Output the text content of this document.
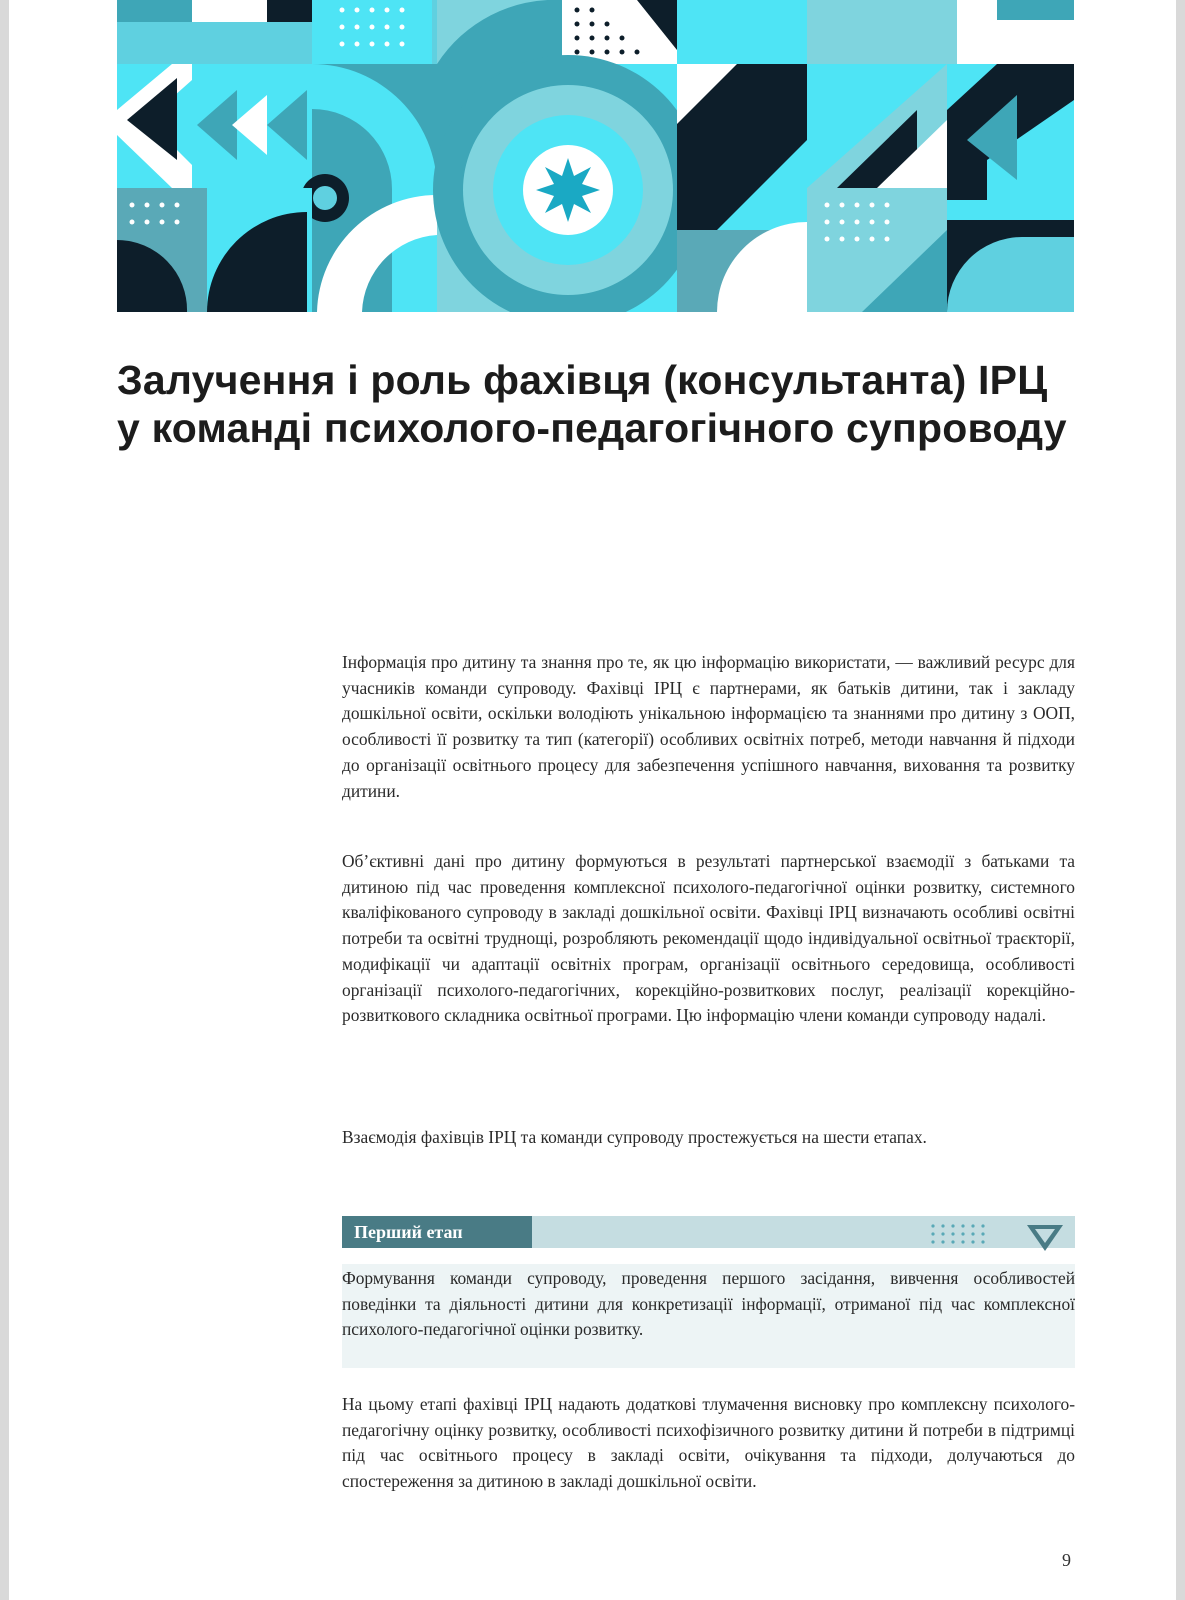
Залучення і роль фахівця (консультанта) ІРЦ у команді психолого-педагогічного супроводу

Інформація про дитину та знання про те, як цю інформацію використати, — важливий ресурс для учасників команди супроводу. Фахівці ІРЦ є партнерами, як батьків дитини, так і закладу дошкільної освіти, оскільки володіють унікальною інформацією та знаннями про дитину з ООП, особливості її розвитку та тип (категорії) особливих освітніх потреб, методи навчання й підходи до організації освітнього процесу для забезпечення успішного навчання, виховання та розвитку дитини.

Об’єктивні дані про дитину формуються в результаті партнерської взаємодії з батьками та дитиною під час проведення комплексної психолого-педагогічної оцінки розвитку, системного кваліфікованого супроводу в закладі дошкільної освіти. Фахівці ІРЦ визначають особливі освітні потреби та освітні труднощі, розробляють рекомендації щодо індивідуальної освітньої траєкторії, модифікації чи адаптації освітніх програм, організації освітнього середовища, особливості організації психолого-педагогічних, корекційно-розвиткових послуг, реалізації корекційно-розвиткового складника освітньої програми. Цю інформацію члени команди супроводу надалі.

Взаємодія фахівців ІРЦ та команди супроводу простежується на шести етапах.

Перший етап

Формування команди супроводу, проведення першого засідання, вивчення особливостей поведінки та діяльності дитини для конкретизації інформації, отриманої під час комплексної психолого-педагогічної оцінки розвитку.

На цьому етапі фахівці ІРЦ надають додаткові тлумачення висновку про комплексну психолого-педагогічну оцінку розвитку, особливості психофізичного розвитку дитини й потреби в підтримці під час освітнього процесу в закладі освіти, очікування та підходи, долучаються до спостереження за дитиною в закладі дошкільної освіти.

9
